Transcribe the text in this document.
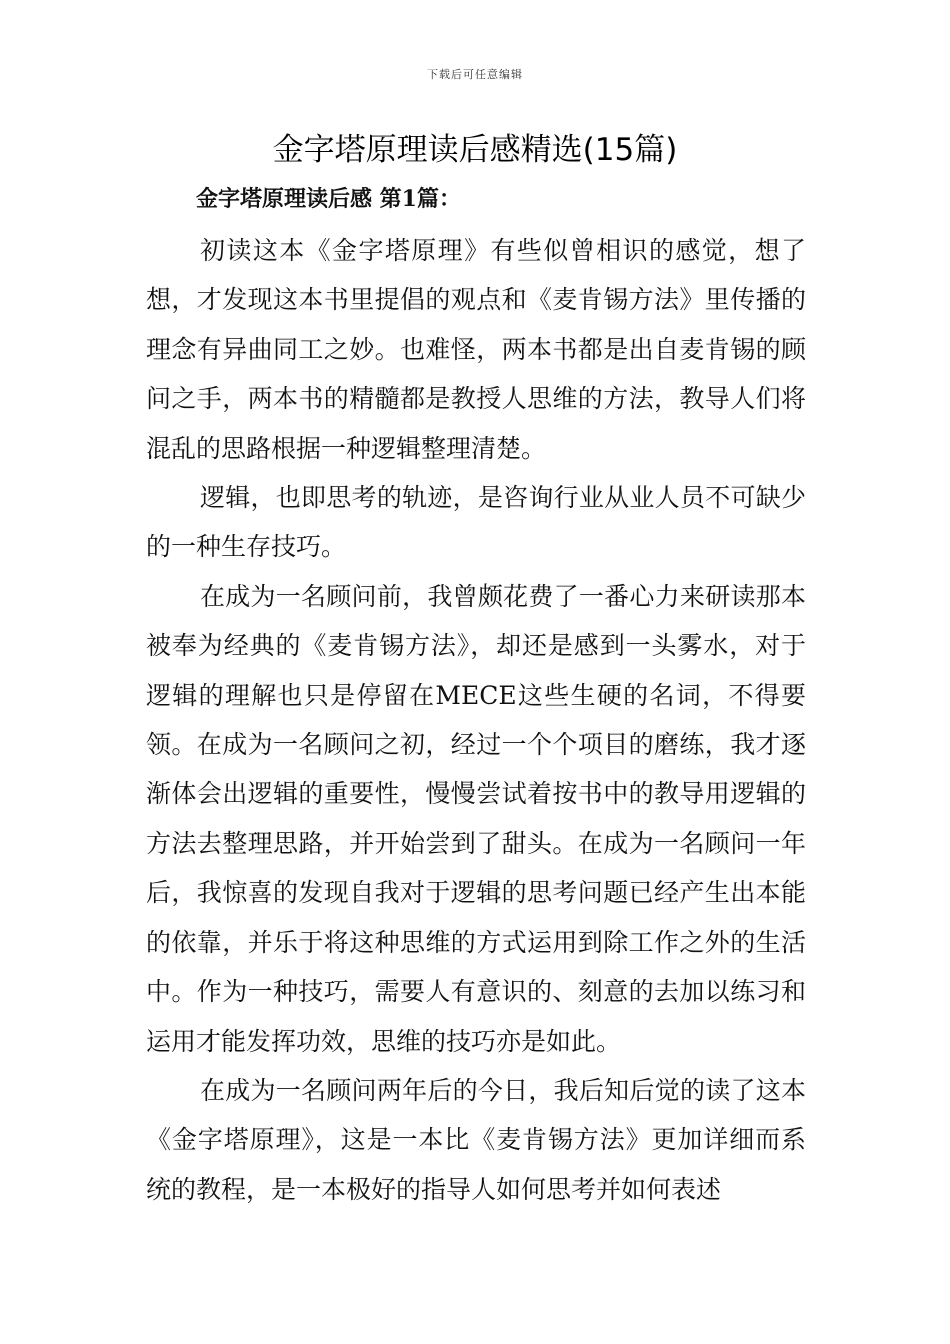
下载后可任意编辑
金字塔原理读后感精选(15篇)
金字塔原理读后感 第1篇：

初读这本《金字塔原理》有些似曾相识的感觉，想了想，才发现这本书里提倡的观点和《麦肯锡方法》里传播的理念有异曲同工之妙。也难怪，两本书都是出自麦肯锡的顾问之手，两本书的精髓都是教授人思维的方法，教导人们将混乱的思路根据一种逻辑整理清楚。

逻辑，也即思考的轨迹，是咨询行业从业人员不可缺少的一种生存技巧。

在成为一名顾问前，我曾颇花费了一番心力来研读那本被奉为经典的《麦肯锡方法》，却还是感到一头雾水，对于逻辑的理解也只是停留在MECE这些生硬的名词，不得要领。在成为一名顾问之初，经过一个个项目的磨练，我才逐渐体会出逻辑的重要性，慢慢尝试着按书中的教导用逻辑的方法去整理思路，并开始尝到了甜头。在成为一名顾问一年后，我惊喜的发现自我对于逻辑的思考问题已经产生出本能的依靠，并乐于将这种思维的方式运用到除工作之外的生活中。作为一种技巧，需要人有意识的、刻意的去加以练习和运用才能发挥功效，思维的技巧亦是如此。

在成为一名顾问两年后的今日，我后知后觉的读了这本《金字塔原理》，这是一本比《麦肯锡方法》更加详细而系统的教程，是一本极好的指导人如何思考并如何表述
